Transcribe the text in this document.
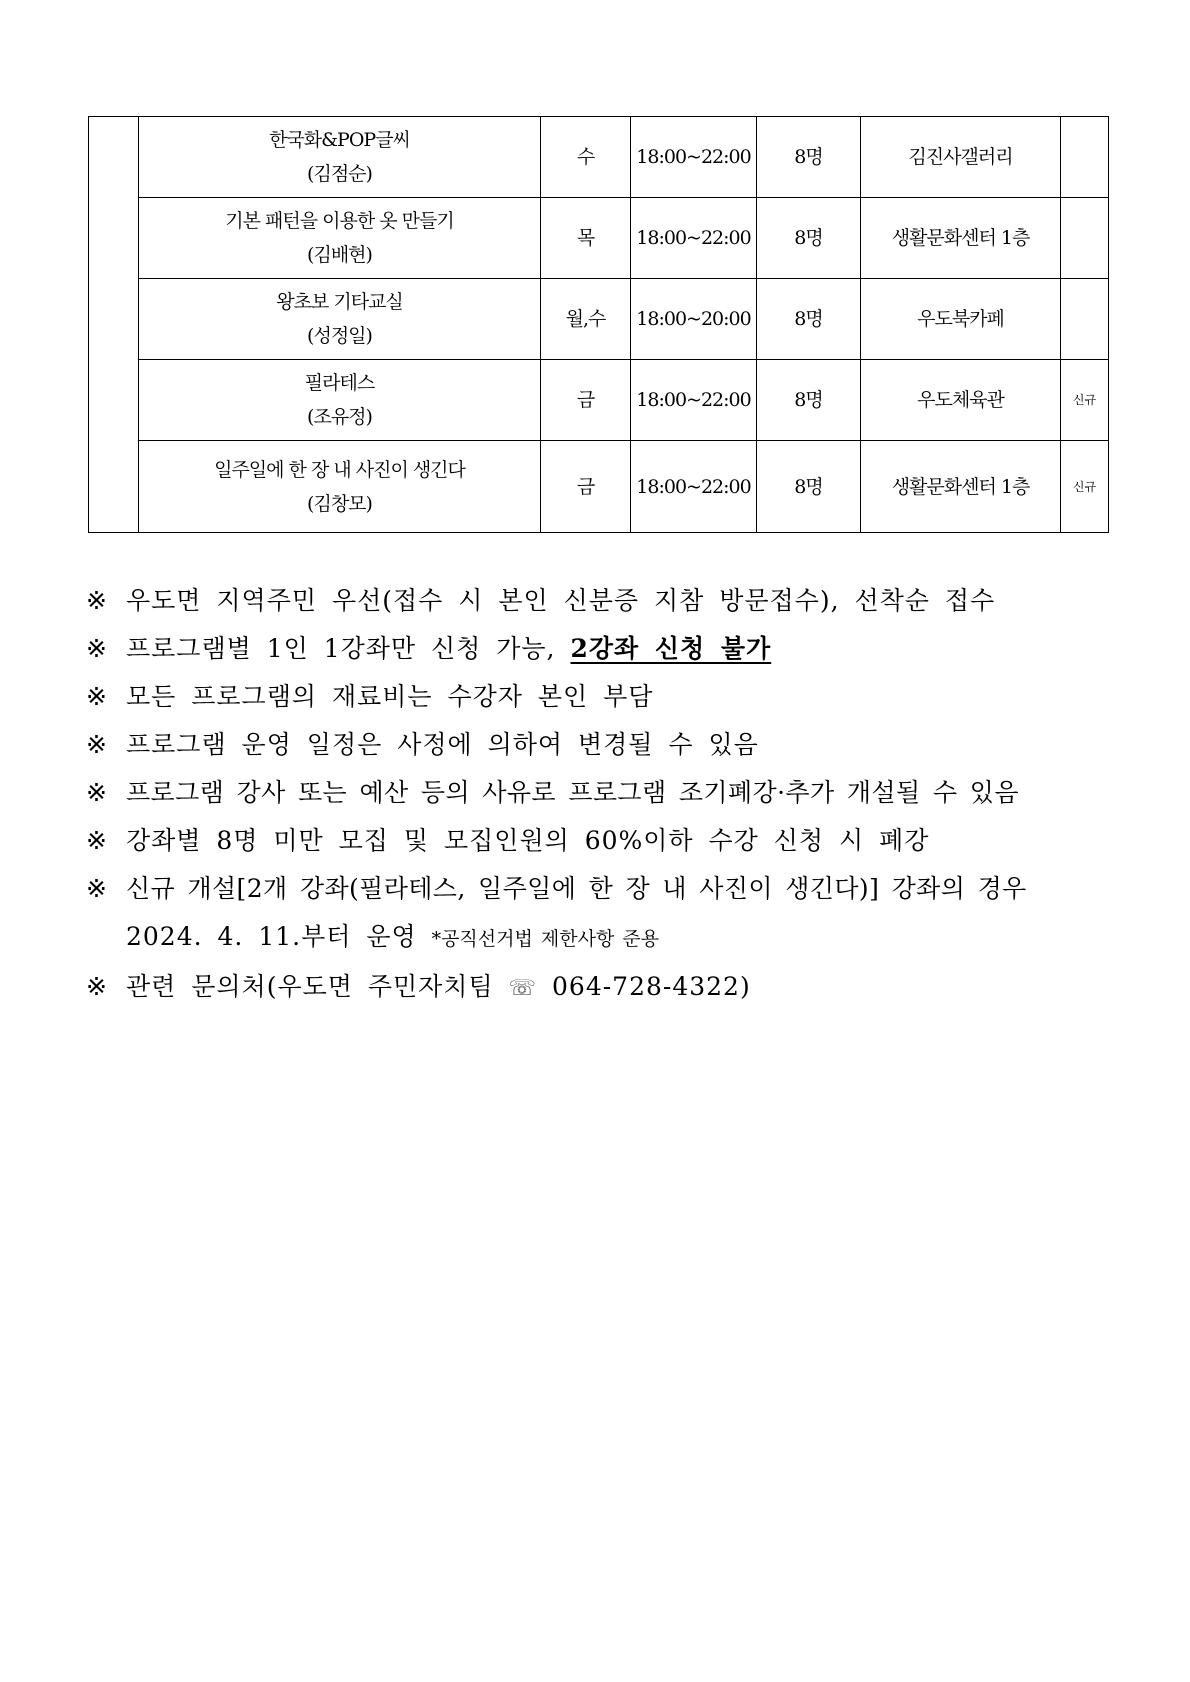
	한국화&POP글씨
(김점순)	수	18:00~22:00	8명	김진사갤러리	

	기본 패턴을 이용한 옷 만들기
(김배현)	목	18:00~22:00	8명	생활문화센터 1층	

	왕초보 기타교실
(성정일)	월,수	18:00~20:00	8명	우도북카페	

	필라테스
(조유정)	금	18:00~22:00	8명	우도체육관	신규

	일주일에 한 장 내 사진이 생긴다
(김창모)	금	18:00~22:00	8명	생활문화센터 1층	신규
※ 우도면 지역주민 우선(접수 시 본인 신분증 지참 방문접수), 선착순 접수
※ 프로그램별 1인 1강좌만 신청 가능, 2강좌 신청 불가
※ 모든 프로그램의 재료비는 수강자 본인 부담
※ 프로그램 운영 일정은 사정에 의하여 변경될 수 있음
※ 프로그램 강사 또는 예산 등의 사유로 프로그램 조기폐강·추가 개설될 수 있음
※ 강좌별 8명 미만 모집 및 모집인원의 60%이하 수강 신청 시 폐강
※ 신규 개설[2개 강좌(필라테스, 일주일에 한 장 내 사진이 생긴다)] 강좌의 경우
2024. 4. 11.부터 운영 *공직선거법 제한사항 준용
※ 관련 문의처(우도면 주민자치팀 ☏ 064-728-4322)
